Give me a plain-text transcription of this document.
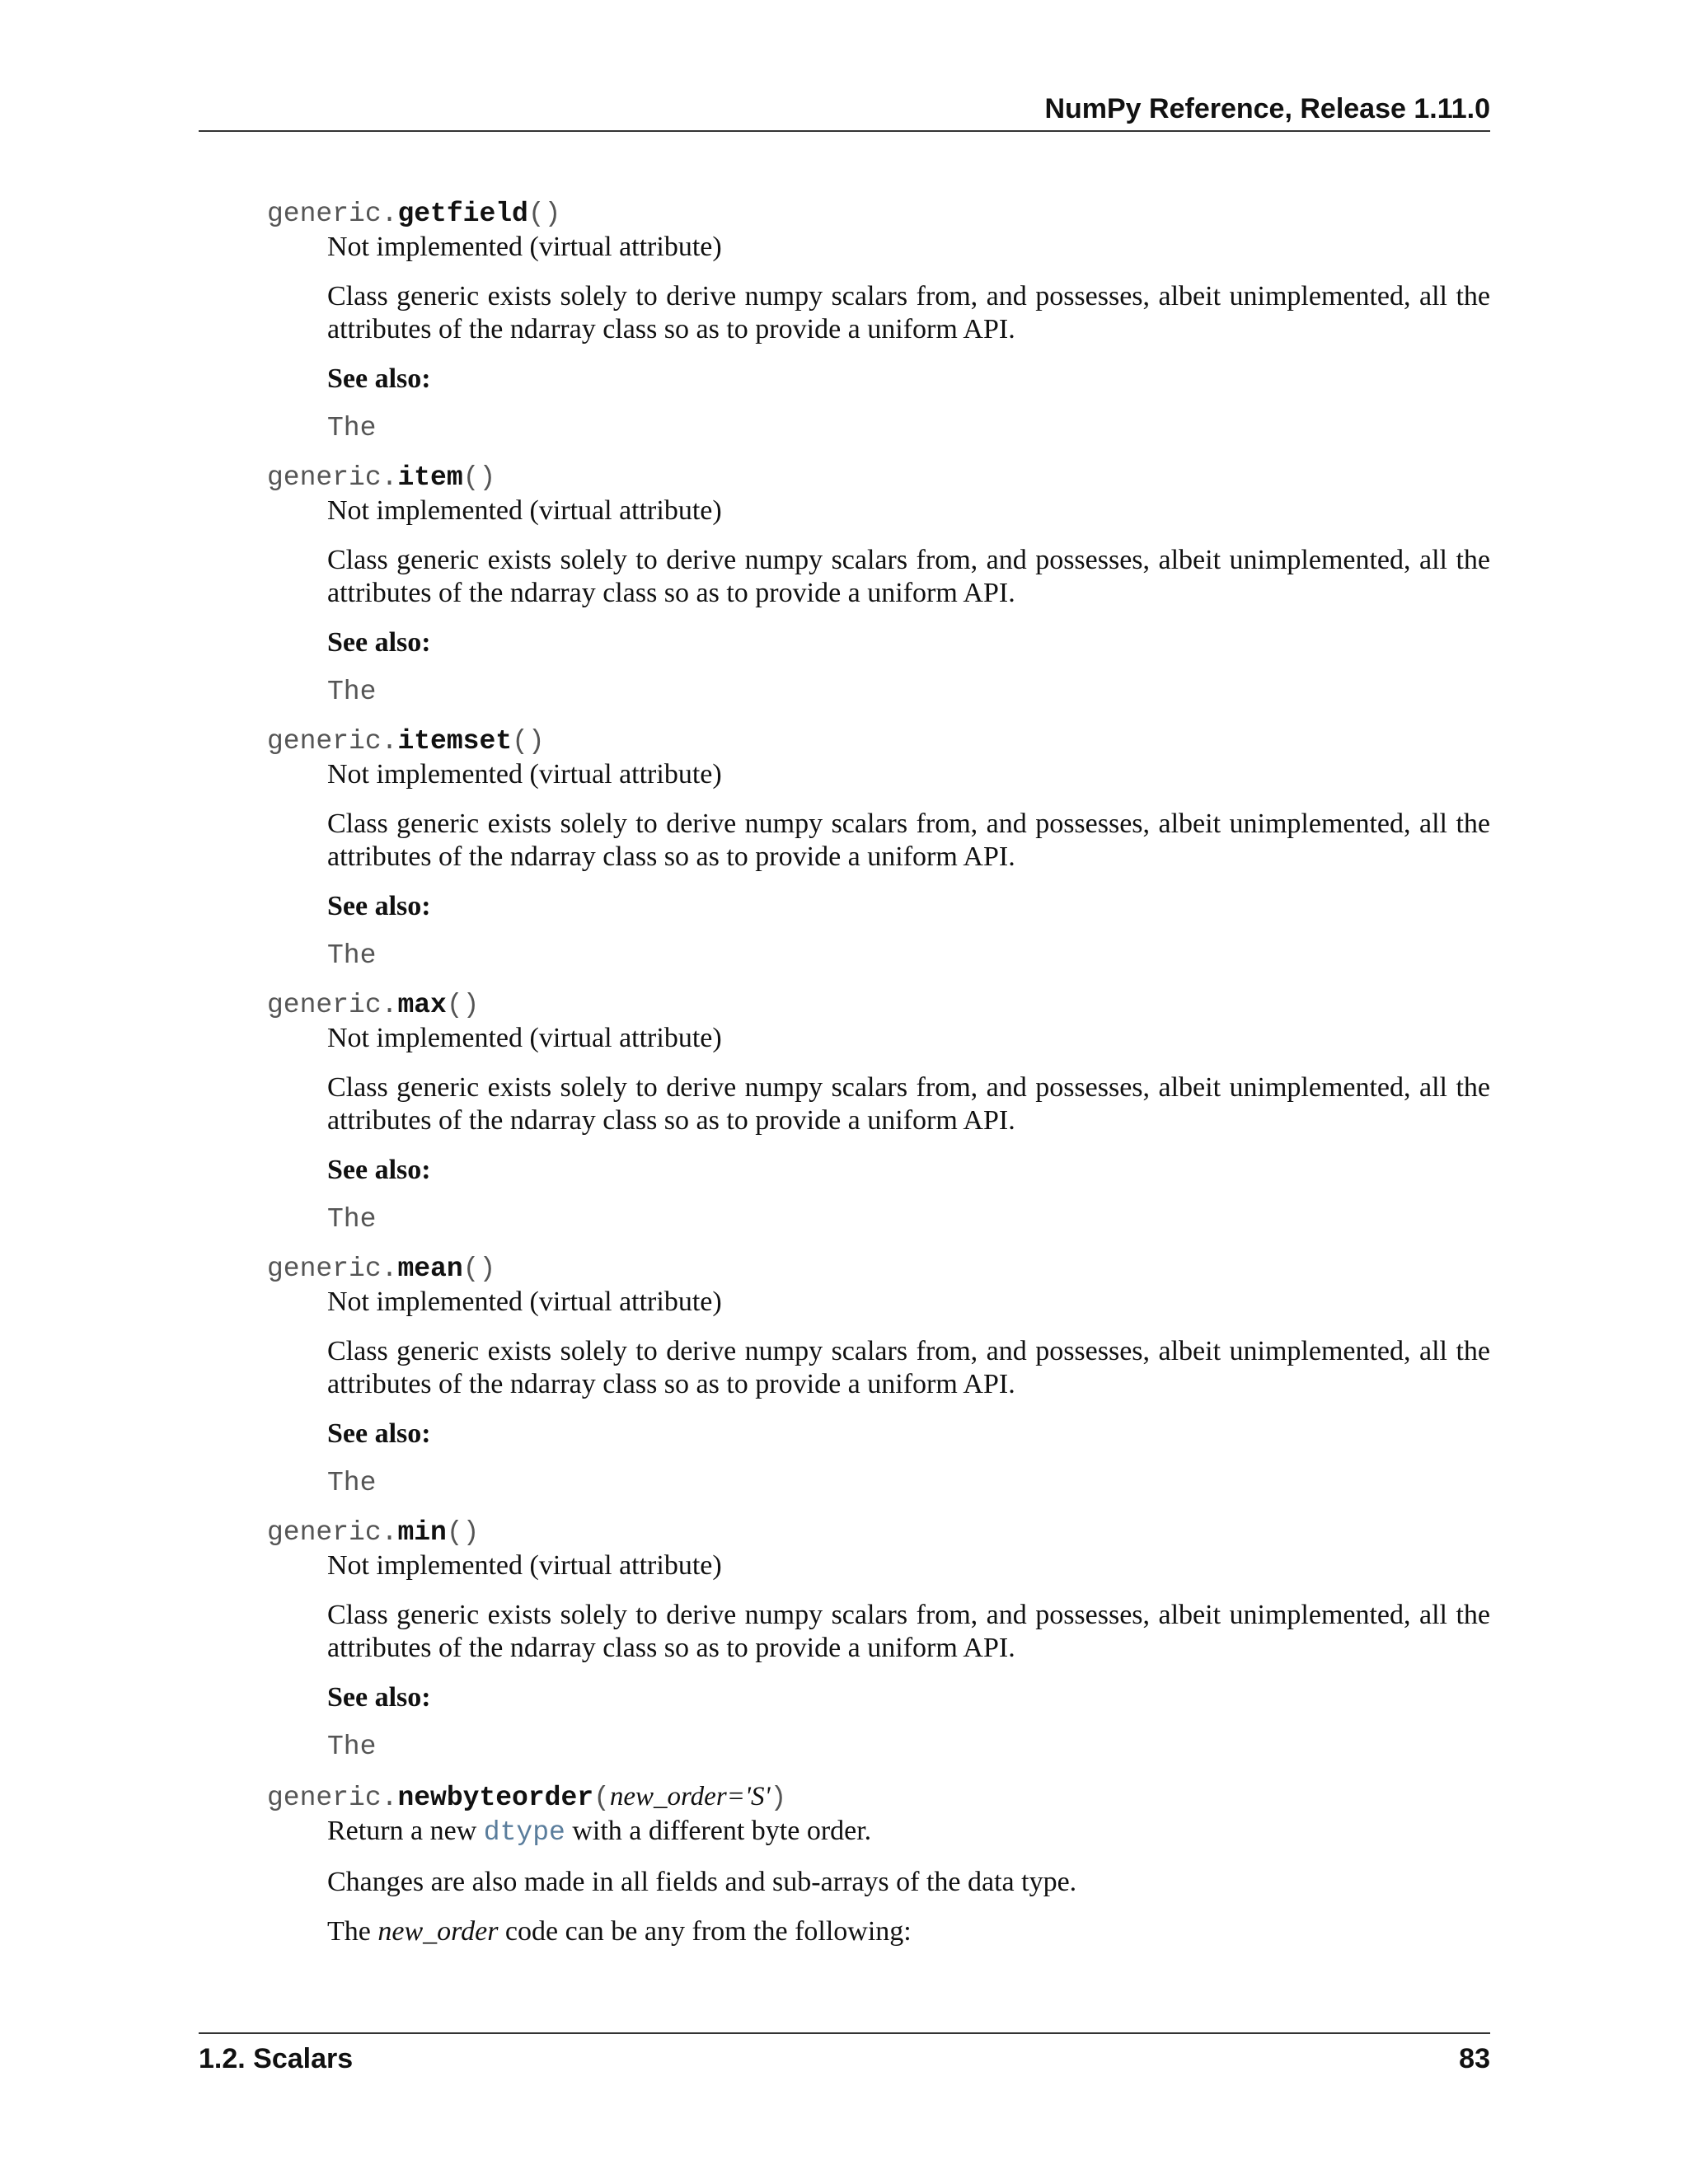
NumPy Reference, Release 1.11.0
generic.getfield()

Not implemented (virtual attribute)

Class generic exists solely to derive numpy scalars from, and possesses, albeit unimplemented, all the attributes of the ndarray class so as to provide a uniform API.

See also:

The

generic.item()

Not implemented (virtual attribute)

Class generic exists solely to derive numpy scalars from, and possesses, albeit unimplemented, all the attributes of the ndarray class so as to provide a uniform API.

See also:

The

generic.itemset()

Not implemented (virtual attribute)

Class generic exists solely to derive numpy scalars from, and possesses, albeit unimplemented, all the attributes of the ndarray class so as to provide a uniform API.

See also:

The

generic.max()

Not implemented (virtual attribute)

Class generic exists solely to derive numpy scalars from, and possesses, albeit unimplemented, all the attributes of the ndarray class so as to provide a uniform API.

See also:

The

generic.mean()

Not implemented (virtual attribute)

Class generic exists solely to derive numpy scalars from, and possesses, albeit unimplemented, all the attributes of the ndarray class so as to provide a uniform API.

See also:

The

generic.min()

Not implemented (virtual attribute)

Class generic exists solely to derive numpy scalars from, and possesses, albeit unimplemented, all the attributes of the ndarray class so as to provide a uniform API.

See also:

The

generic.newbyteorder(new_order='S')

Return a new dtype with a different byte order.

Changes are also made in all fields and sub-arrays of the data type.

The new_order code can be any from the following:

1.2. Scalars	83
